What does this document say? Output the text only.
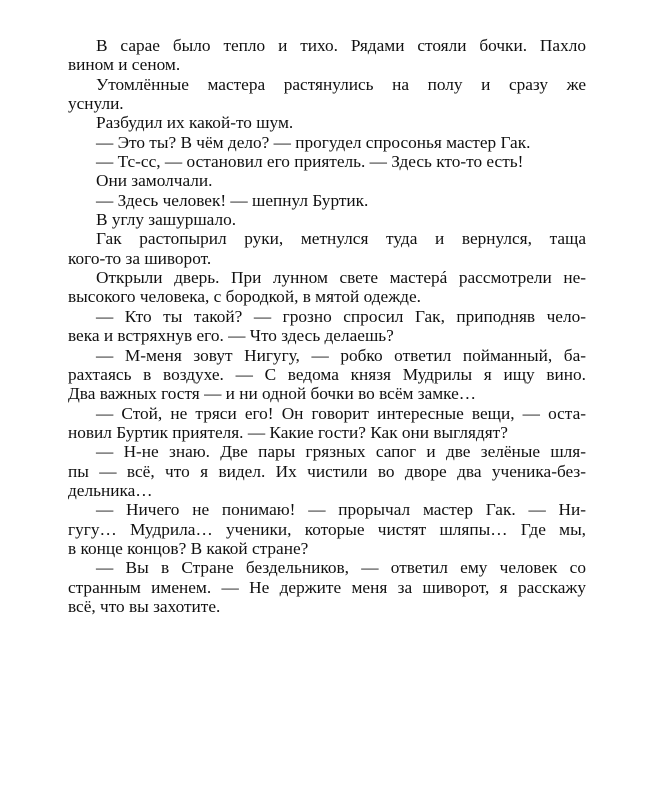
В сарае было тепло и тихо. Рядами стояли бочки. Пахло
вином и сеном.
Утомлённые мастера растянулись на полу и сразу же
уснули.
Разбудил их какой-то шум.
— Это ты? В чём дело? — прогудел спросонья мастер Гак.
— Тс-сс, — остановил его приятель. — Здесь кто-то есть!
Они замолчали.
— Здесь человек! — шепнул Буртик.
В углу зашуршало.
Гак растопырил руки, метнулся туда и вернулся, таща
кого-то за шиворот.
Открыли дверь. При лунном свете мастерá рассмотрели не-
высокого человека, с бородкой, в мятой одежде.
— Кто ты такой? — грозно спросил Гак, приподняв чело-
века и встряхнув его. — Что здесь делаешь?
— М-меня зовут Нигугу, — робко ответил пойманный, ба-
рахтаясь в воздухе. — С ведома князя Мудрилы я ищу вино.
Два важных гостя — и ни одной бочки во всём замке…
— Стой, не тряси его! Он говорит интересные вещи, — оста-
новил Буртик приятеля. — Какие гости? Как они выглядят?
— Н-не знаю. Две пары грязных сапог и две зелёные шля-
пы — всё, что я видел. Их чистили во дворе два ученика-без-
дельника…
— Ничего не понимаю! — прорычал мастер Гак. — Ни-
гугу… Мудрила… ученики, которые чистят шляпы… Где мы,
в конце концов? В какой стране?
— Вы в Стране бездельников, — ответил ему человек со
странным именем. — Не держите меня за шиворот, я расскажу
всё, что вы захотите.
